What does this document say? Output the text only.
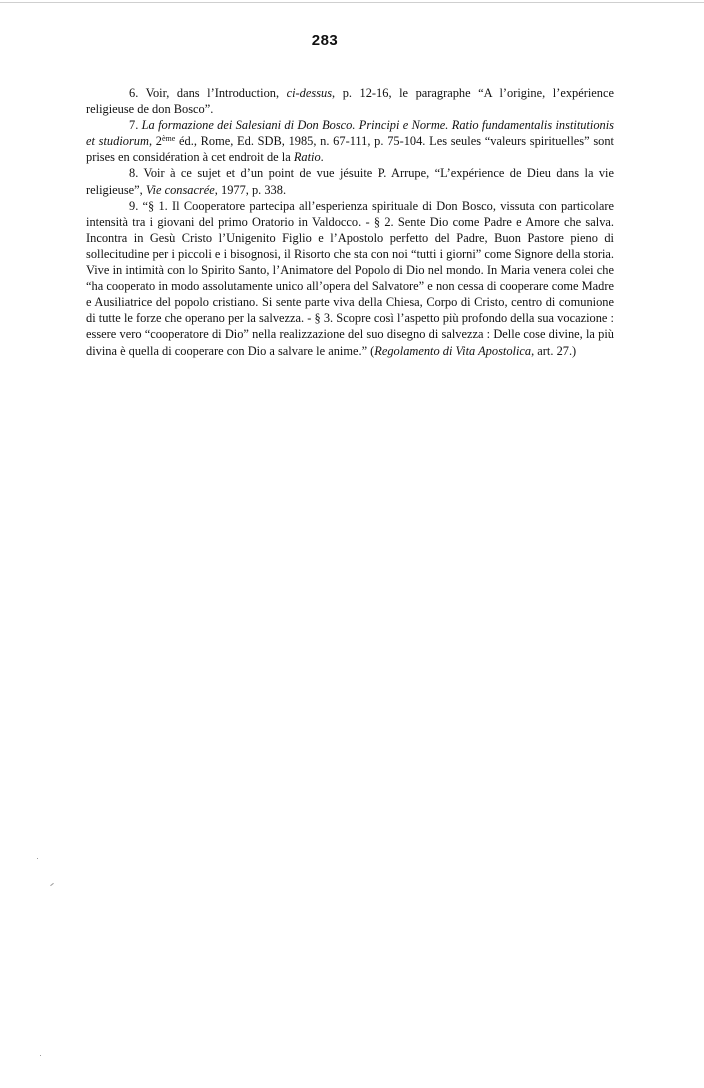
283

6. Voir, dans l’Introduction, ci-dessus, p. 12-16, le paragraphe “A l’origine, l’expérience religieuse de don Bosco”.

7. La formazione dei Salesiani di Don Bosco. Principi e Norme. Ratio fundamentalis institutionis et studiorum, 2ème éd., Rome, Ed. SDB, 1985, n. 67-111, p. 75-104. Les seules “valeurs spirituelles” sont prises en considération à cet endroit de la Ratio.

8. Voir à ce sujet et d’un point de vue jésuite P. Arrupe, “L’expérience de Dieu dans la vie religieuse”, Vie consacrée, 1977, p. 338.

9. “§ 1. Il Cooperatore partecipa all’esperienza spirituale di Don Bosco, vissuta con particolare intensità tra i giovani del primo Oratorio in Valdocco. - § 2. Sente Dio come Padre e Amore che salva. Incontra in Gesù Cristo l’Unigenito Figlio e l’Apostolo perfetto del Padre, Buon Pastore pieno di sollecitudine per i piccoli e i bisognosi, il Risorto che sta con noi “tutti i giorni” come Signore della storia. Vive in intimità con lo Spirito Santo, l’Animatore del Popolo di Dio nel mondo. In Maria venera colei che “ha cooperato in modo assolutamente unico all’opera del Salvatore” e non cessa di cooperare come Madre e Ausiliatrice del popolo cristiano. Si sente parte viva della Chiesa, Corpo di Cristo, centro di comunione di tutte le forze che operano per la salvezza. - § 3. Scopre così l’aspetto più profondo della sua vocazione : essere vero “cooperatore di Dio” nella realizzazione del suo disegno di salvezza : Delle cose divine, la più divina è quella di cooperare con Dio a salvare le anime.” (Regolamento di Vita Apostolica, art. 27.)
